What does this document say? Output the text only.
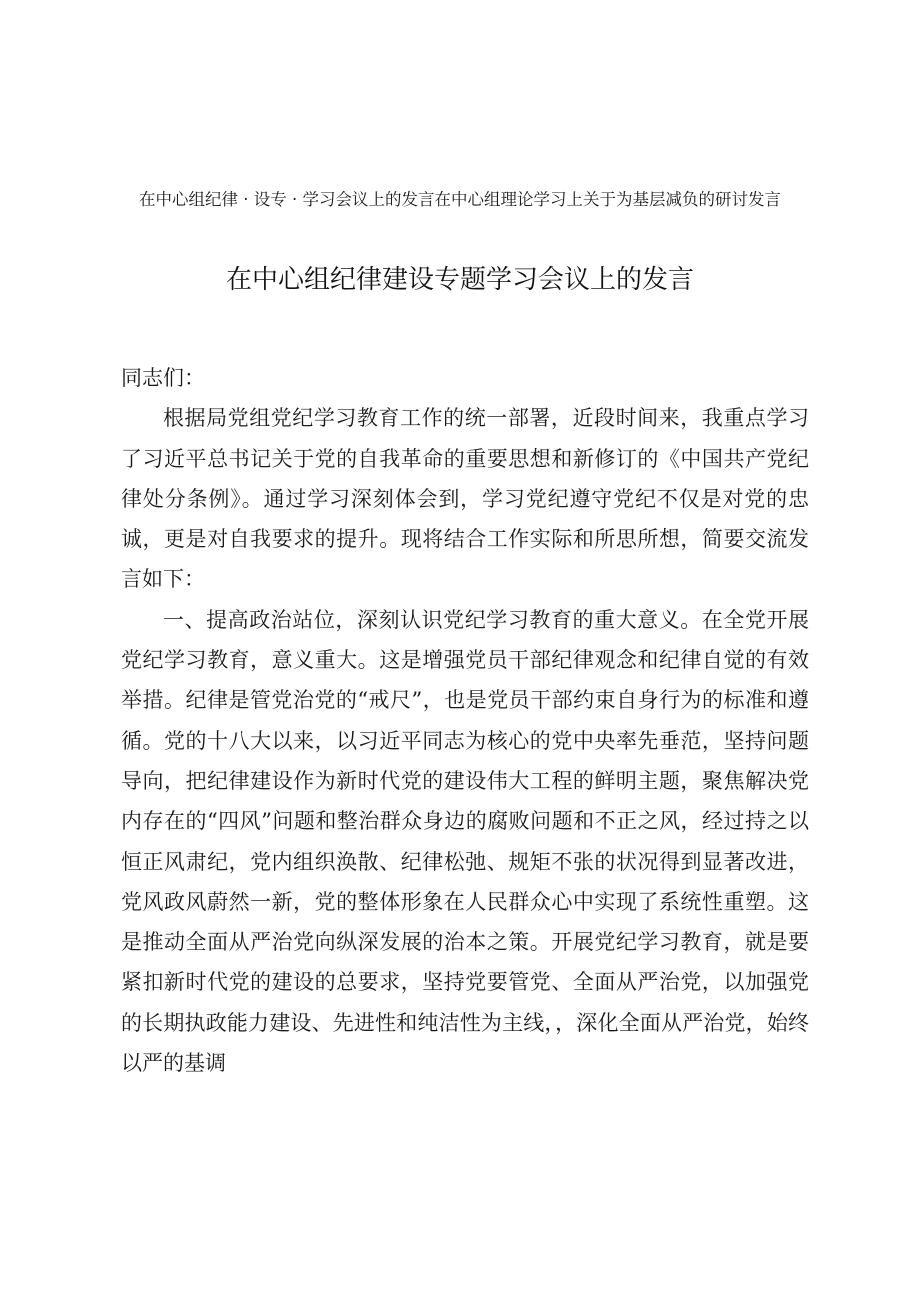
在中心组纪律 · 设专 · 学习会议上的发言在中心组理论学习上关于为基层减负的研讨发言
在中心组纪律建设专题学习会议上的发言

同志们：

根据局党组党纪学习教育工作的统一部署，近段时间来，我重点学习了习近平总书记关于党的自我革命的重要思想和新修订的《中国共产党纪律处分条例》。通过学习深刻体会到，学习党纪遵守党纪不仅是对党的忠诚，更是对自我要求的提升。现将结合工作实际和所思所想，简要交流发言如下：

一、提高政治站位，深刻认识党纪学习教育的重大意义。在全党开展党纪学习教育，意义重大。这是增强党员干部纪律观念和纪律自觉的有效举措。纪律是管党治党的“戒尺”，也是党员干部约束自身行为的标准和遵循。党的十八大以来，以习近平同志为核心的党中央率先垂范，坚持问题导向，把纪律建设作为新时代党的建设伟大工程的鲜明主题，聚焦解决党内存在的“四风”问题和整治群众身边的腐败问题和不正之风，经过持之以恒正风肃纪，党内组织涣散、纪律松弛、规矩不张的状况得到显著改进，党风政风蔚然一新，党的整体形象在人民群众心中实现了系统性重塑。这是推动全面从严治党向纵深发展的治本之策。开展党纪学习教育，就是要紧扣新时代党的建设的总要求，坚持党要管党、全面从严治党，以加强党的长期执政能力建设、先进性和纯洁性为主线，，深化全面从严治党，始终以严的基调
